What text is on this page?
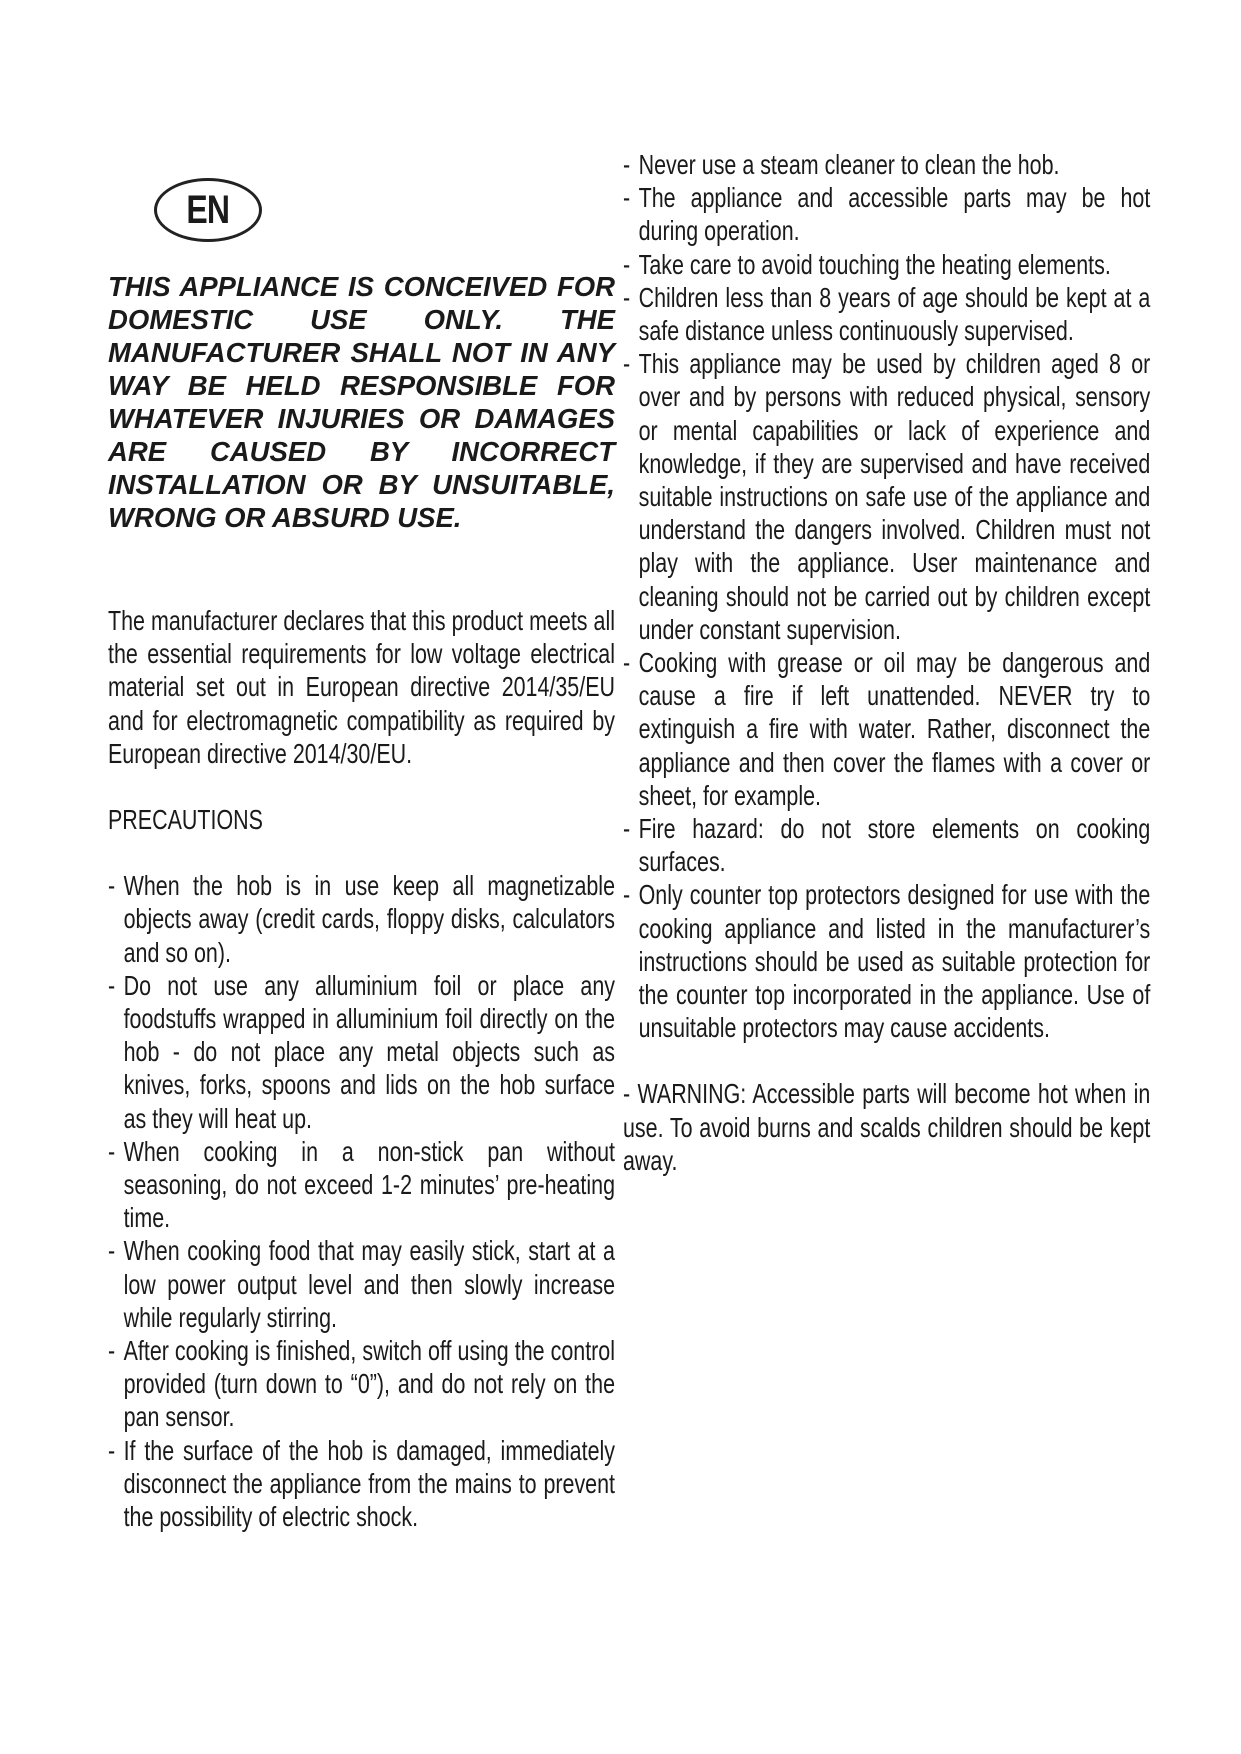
EN

THIS APPLIANCE IS CONCEIVED FOR DOMESTIC USE ONLY. THE MANUFACTURER SHALL NOT IN ANY WAY BE HELD RESPONSIBLE FOR WHATEVER INJURIES OR DAMAGES ARE CAUSED BY INCORRECT INSTALLATION OR BY UNSUITABLE, WRONG OR ABSURD USE.

The manufacturer declares that this product meets all the essential requirements for low voltage electrical material set out in European directive 2014/35/EU and for electromagnetic compatibility as required by European directive 2014/30/EU.

PRECAUTIONS

- When the hob is in use keep all magnetizable objects away (credit cards, floppy disks, calculators and so on).
- Do not use any alluminium foil or place any foodstuffs wrapped in alluminium foil directly on the hob - do not place any metal objects such as knives, forks, spoons and lids on the hob surface as they will heat up.
- When cooking in a non-stick pan without seasoning, do not exceed 1-2 minutes’ pre-heating time.
- When cooking food that may easily stick, start at a low power output level and then slowly increase while regularly stirring.
- After cooking is finished, switch off using the control provided (turn down to “0”), and do not rely on the pan sensor.
- If the surface of the hob is damaged, immediately disconnect the appliance from the mains to prevent the possibility of electric shock.
- Never use a steam cleaner to clean the hob.
- The appliance and accessible parts may be hot during operation.
- Take care to avoid touching the heating elements.
- Children less than 8 years of age should be kept at a safe distance unless continuously supervised.
- This appliance may be used by children aged 8 or over and by persons with reduced physical, sensory or mental capabilities or lack of experience and knowledge, if they are supervised and have received suitable instructions on safe use of the appliance and understand the dangers involved. Children must not play with the appliance. User maintenance and cleaning should not be carried out by children except under constant supervision.
- Cooking with grease or oil may be dangerous and cause a fire if left unattended. NEVER try to extinguish a fire with water. Rather, disconnect the appliance and then cover the flames with a cover or sheet, for example.
- Fire hazard: do not store elements on cooking surfaces.
- Only counter top protectors designed for use with the cooking appliance and listed in the manufacturer’s instructions should be used as suitable protection for the counter top incorporated in the appliance. Use of unsuitable protectors may cause accidents.

- WARNING: Accessible parts will become hot when in use. To avoid burns and scalds children should be kept away.
